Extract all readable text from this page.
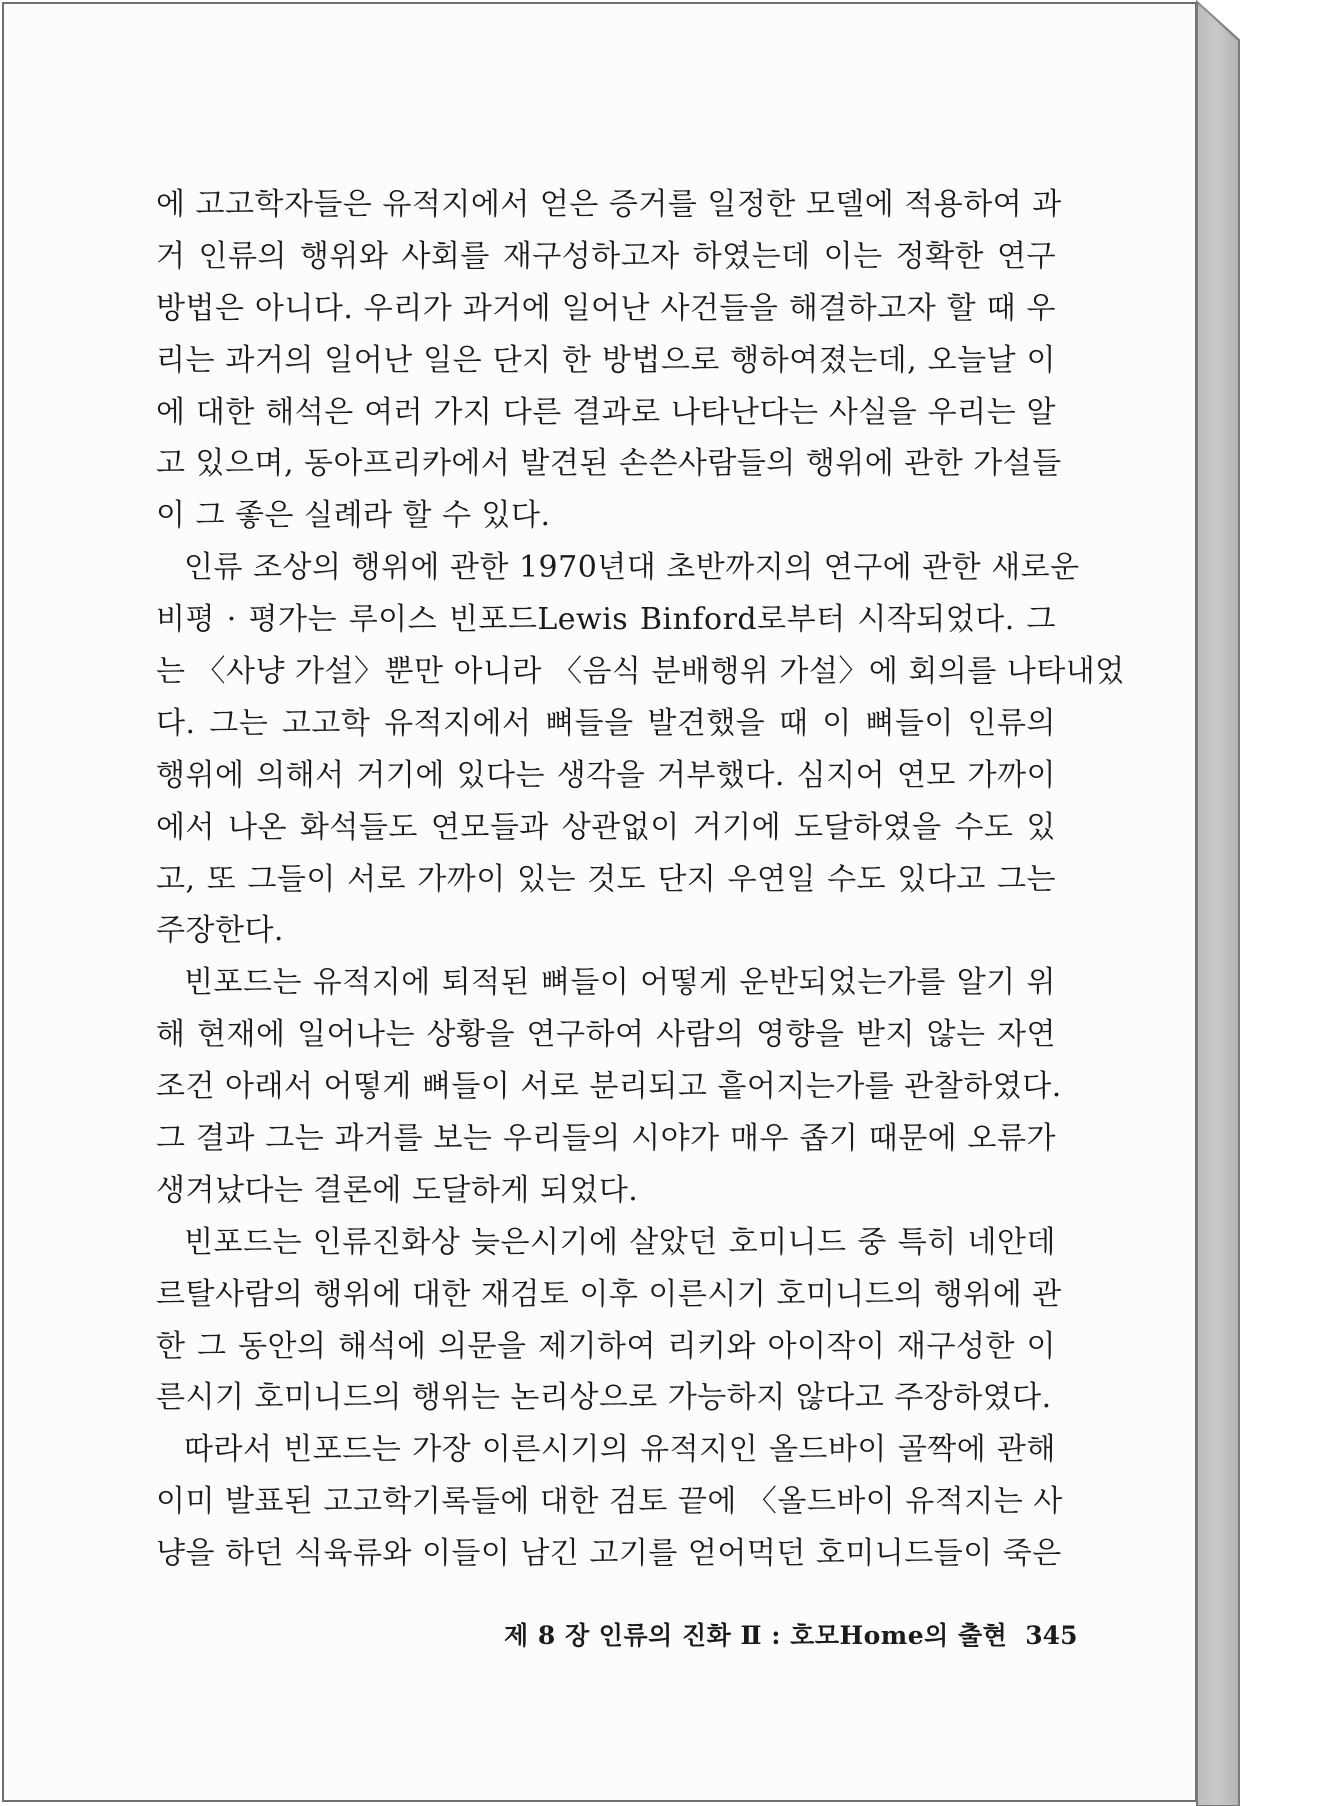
에 고고학자들은 유적지에서 얻은 증거를 일정한 모델에 적용하여 과
거 인류의 행위와 사회를 재구성하고자 하였는데 이는 정확한 연구
방법은 아니다. 우리가 과거에 일어난 사건들을 해결하고자 할 때 우
리는 과거의 일어난 일은 단지 한 방법으로 행하여졌는데, 오늘날 이
에 대한 해석은 여러 가지 다른 결과로 나타난다는 사실을 우리는 알
고 있으며, 동아프리카에서 발견된 손쓴사람들의 행위에 관한 가설들
이 그 좋은 실례라 할 수 있다.
인류 조상의 행위에 관한 1970년대 초반까지의 연구에 관한 새로운
비평 · 평가는 루이스 빈포드Lewis Binford로부터 시작되었다. 그
는 〈사냥 가설〉뿐만 아니라 〈음식 분배행위 가설〉에 회의를 나타내었
다. 그는 고고학 유적지에서 뼈들을 발견했을 때 이 뼈들이 인류의
행위에 의해서 거기에 있다는 생각을 거부했다. 심지어 연모 가까이
에서 나온 화석들도 연모들과 상관없이 거기에 도달하였을 수도 있
고, 또 그들이 서로 가까이 있는 것도 단지 우연일 수도 있다고 그는
주장한다.
빈포드는 유적지에 퇴적된 뼈들이 어떻게 운반되었는가를 알기 위
해 현재에 일어나는 상황을 연구하여 사람의 영향을 받지 않는 자연
조건 아래서 어떻게 뼈들이 서로 분리되고 흩어지는가를 관찰하였다.
그 결과 그는 과거를 보는 우리들의 시야가 매우 좁기 때문에 오류가
생겨났다는 결론에 도달하게 되었다.
빈포드는 인류진화상 늦은시기에 살았던 호미니드 중 특히 네안데
르탈사람의 행위에 대한 재검토 이후 이른시기 호미니드의 행위에 관
한 그 동안의 해석에 의문을 제기하여 리키와 아이작이 재구성한 이
른시기 호미니드의 행위는 논리상으로 가능하지 않다고 주장하였다.
따라서 빈포드는 가장 이른시기의 유적지인 올드바이 골짝에 관해
이미 발표된 고고학기록들에 대한 검토 끝에 〈올드바이 유적지는 사
냥을 하던 식육류와 이들이 남긴 고기를 얻어먹던 호미니드들이 죽은
제 8 장 인류의 진화 Ⅱ : 호모Home의 출현 345
